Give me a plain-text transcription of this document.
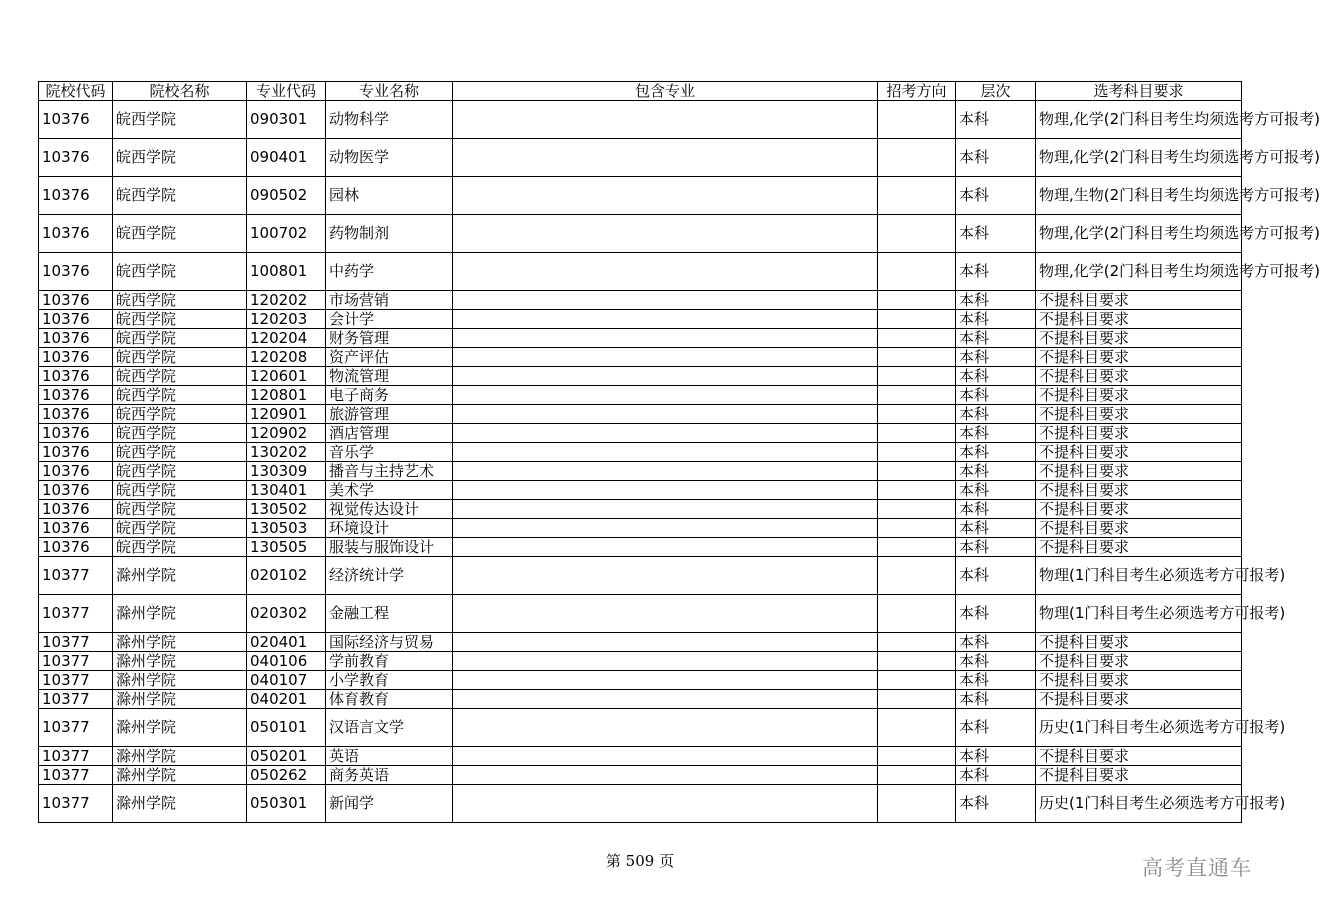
院校代码	院校名称	专业代码	专业名称	包含专业	招考方向	层次	选考科目要求
10376	皖西学院	090301	动物科学			本科	物理,化学(2门科目考生均须选考方可报考)
10376	皖西学院	090401	动物医学			本科	物理,化学(2门科目考生均须选考方可报考)
10376	皖西学院	090502	园林			本科	物理,生物(2门科目考生均须选考方可报考)
10376	皖西学院	100702	药物制剂			本科	物理,化学(2门科目考生均须选考方可报考)
10376	皖西学院	100801	中药学			本科	物理,化学(2门科目考生均须选考方可报考)
10376	皖西学院	120202	市场营销			本科	不提科目要求
10376	皖西学院	120203	会计学			本科	不提科目要求
10376	皖西学院	120204	财务管理			本科	不提科目要求
10376	皖西学院	120208	资产评估			本科	不提科目要求
10376	皖西学院	120601	物流管理			本科	不提科目要求
10376	皖西学院	120801	电子商务			本科	不提科目要求
10376	皖西学院	120901	旅游管理			本科	不提科目要求
10376	皖西学院	120902	酒店管理			本科	不提科目要求
10376	皖西学院	130202	音乐学			本科	不提科目要求
10376	皖西学院	130309	播音与主持艺术			本科	不提科目要求
10376	皖西学院	130401	美术学			本科	不提科目要求
10376	皖西学院	130502	视觉传达设计			本科	不提科目要求
10376	皖西学院	130503	环境设计			本科	不提科目要求
10376	皖西学院	130505	服装与服饰设计			本科	不提科目要求
10377	滁州学院	020102	经济统计学			本科	物理(1门科目考生必须选考方可报考)
10377	滁州学院	020302	金融工程			本科	物理(1门科目考生必须选考方可报考)
10377	滁州学院	020401	国际经济与贸易			本科	不提科目要求
10377	滁州学院	040106	学前教育			本科	不提科目要求
10377	滁州学院	040107	小学教育			本科	不提科目要求
10377	滁州学院	040201	体育教育			本科	不提科目要求
10377	滁州学院	050101	汉语言文学			本科	历史(1门科目考生必须选考方可报考)
10377	滁州学院	050201	英语			本科	不提科目要求
10377	滁州学院	050262	商务英语			本科	不提科目要求
10377	滁州学院	050301	新闻学			本科	历史(1门科目考生必须选考方可报考)
第 509 页	高考直通车
